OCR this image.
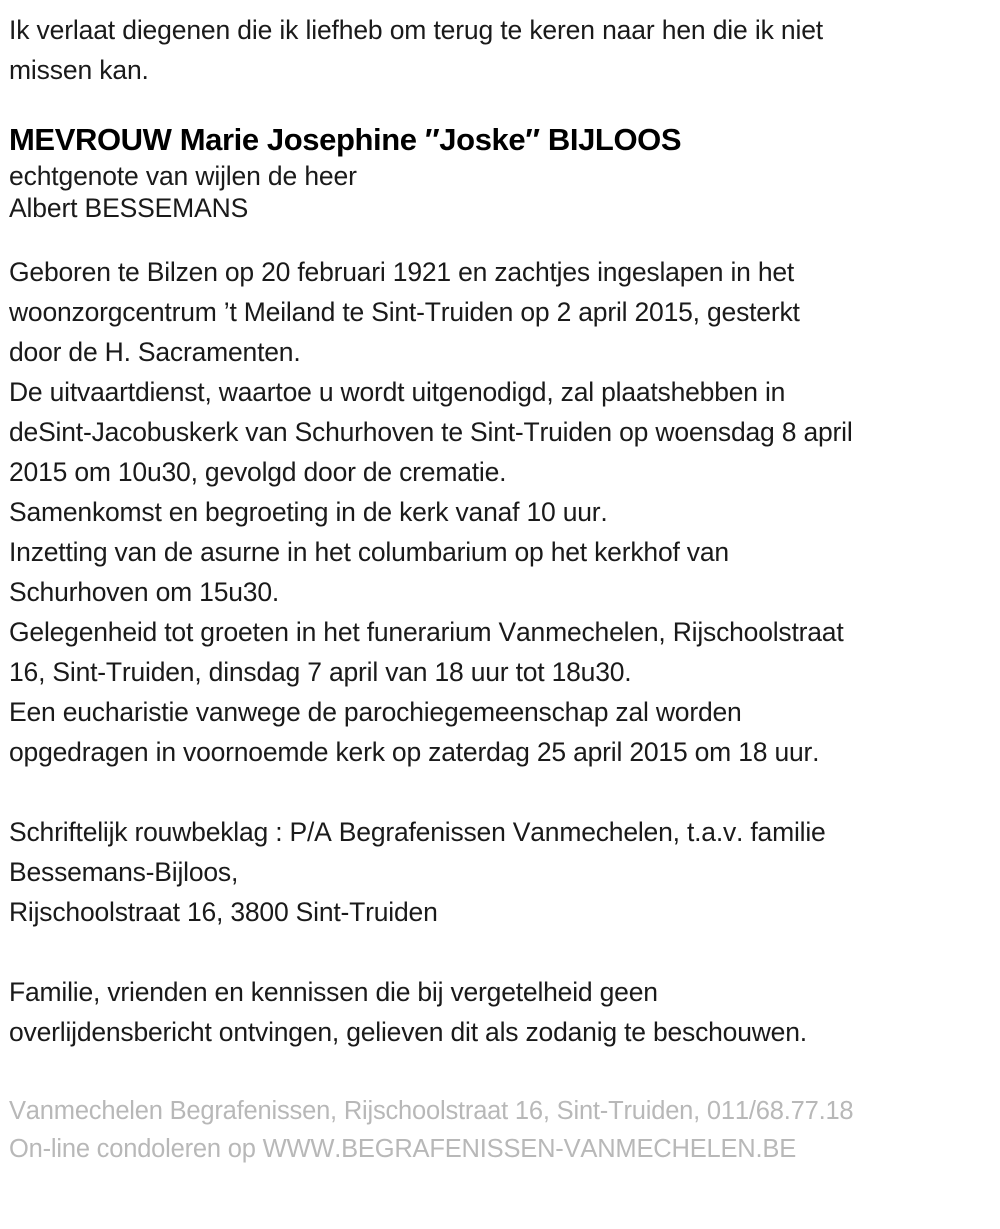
Ik verlaat diegenen die ik liefheb om terug te keren naar hen die ik niet
missen kan.
MEVROUW Marie Josephine ″Joske″ BIJLOOS
echtgenote van wijlen de heer
Albert BESSEMANS
Geboren te Bilzen op 20 februari 1921 en zachtjes ingeslapen in het
woonzorgcentrum ’t Meiland te Sint-Truiden op 2 april 2015, gesterkt
door de H. Sacramenten.
De uitvaartdienst, waartoe u wordt uitgenodigd, zal plaatshebben in
deSint-Jacobuskerk van Schurhoven te Sint-Truiden op woensdag 8 april
2015 om 10u30, gevolgd door de crematie.
Samenkomst en begroeting in de kerk vanaf 10 uur.
Inzetting van de asurne in het columbarium op het kerkhof van
Schurhoven om 15u30.
Gelegenheid tot groeten in het funerarium Vanmechelen, Rijschoolstraat
16, Sint-Truiden, dinsdag 7 april van 18 uur tot 18u30.
Een eucharistie vanwege de parochiegemeenschap zal worden
opgedragen in voornoemde kerk op zaterdag 25 april 2015 om 18 uur.
Schriftelijk rouwbeklag : P/A Begrafenissen Vanmechelen, t.a.v. familie
Bessemans-Bijloos,
Rijschoolstraat 16, 3800 Sint-Truiden
Familie, vrienden en kennissen die bij vergetelheid geen
overlijdensbericht ontvingen, gelieven dit als zodanig te beschouwen.
Vanmechelen Begrafenissen, Rijschoolstraat 16, Sint-Truiden, 011/68.77.18
On-line condoleren op WWW.BEGRAFENISSEN-VANMECHELEN.BE
